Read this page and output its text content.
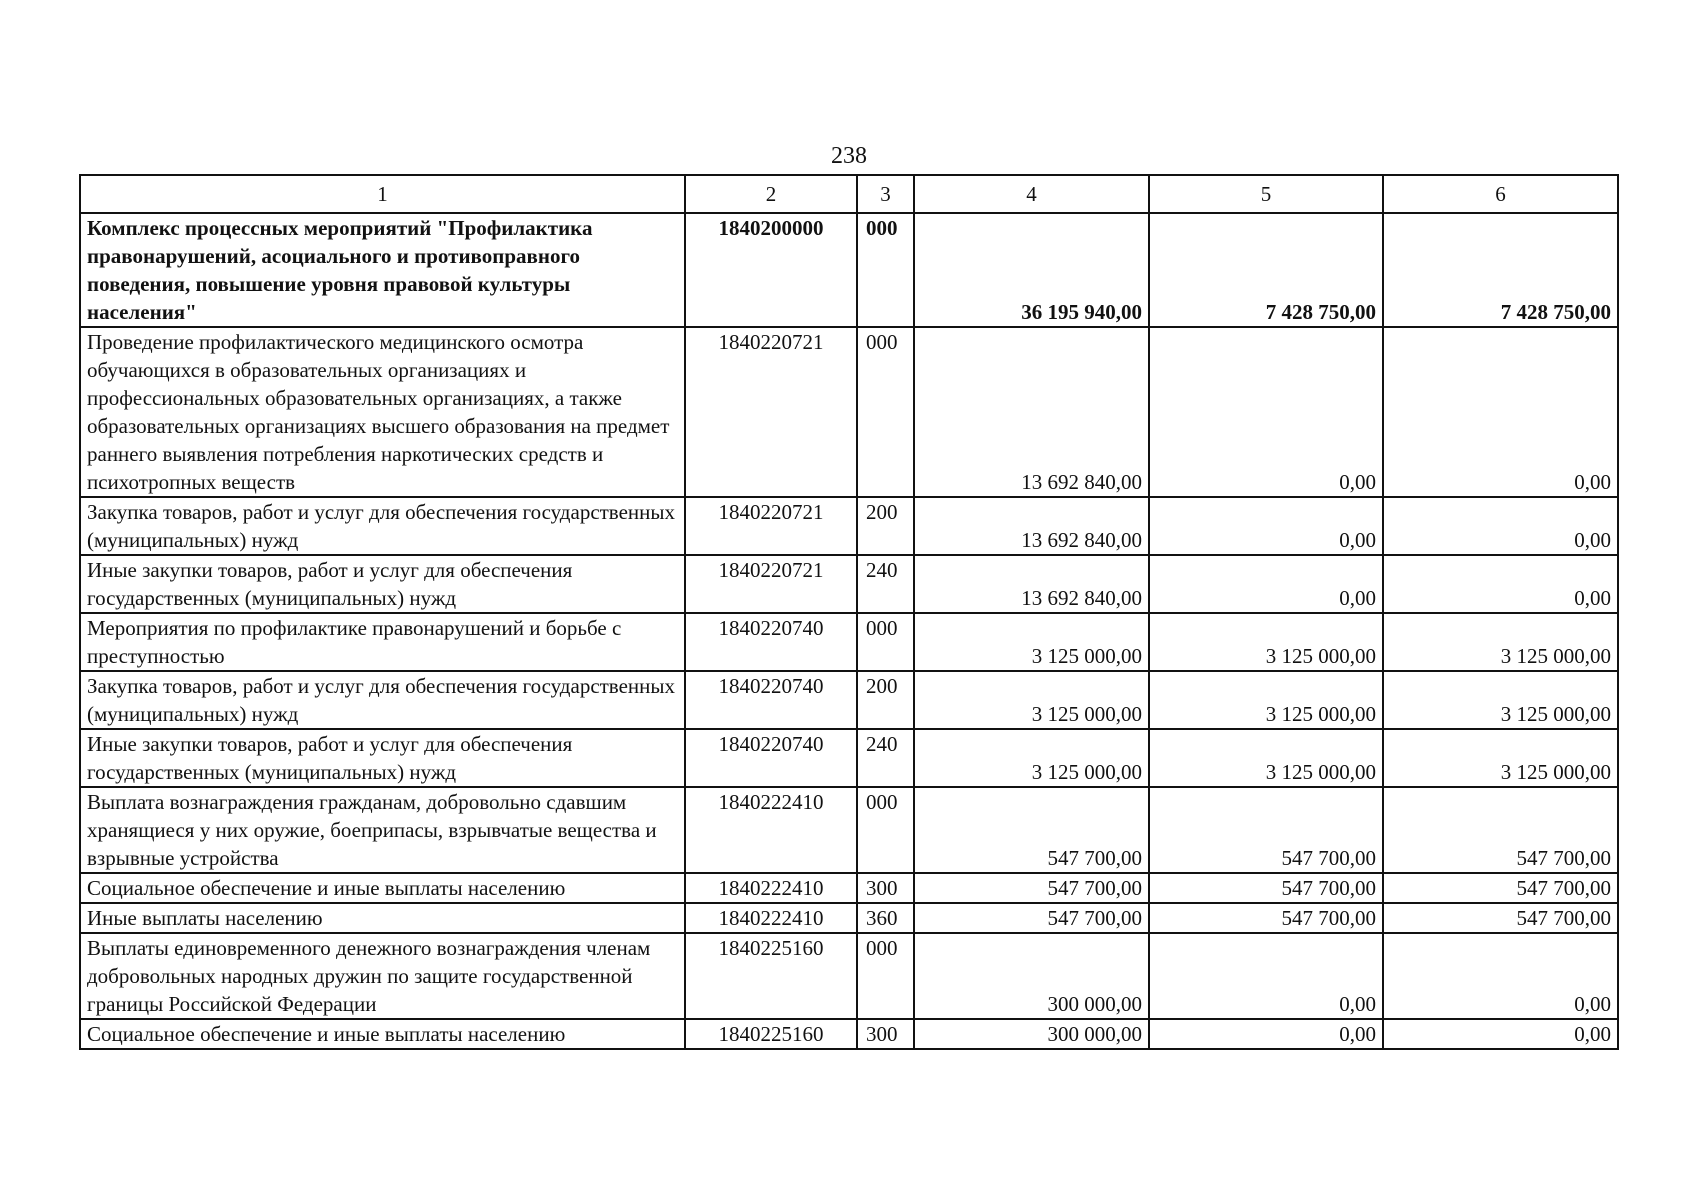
238
1	2	3	4	5	6
Комплекс процессных мероприятий "Профилактика правонарушений, асоциального и противоправного поведения, повышение уровня правовой культуры населения"	1840200000	000	36 195 940,00	7 428 750,00	7 428 750,00
Проведение профилактического медицинского осмотра обучающихся в образовательных организациях и профессиональных образовательных организациях, а также образовательных организациях высшего образования на предмет раннего выявления потребления наркотических средств и психотропных веществ	1840220721	000	13 692 840,00	0,00	0,00
Закупка товаров, работ и услуг для обеспечения государственных (муниципальных) нужд	1840220721	200	13 692 840,00	0,00	0,00
Иные закупки товаров, работ и услуг для обеспечения государственных (муниципальных) нужд	1840220721	240	13 692 840,00	0,00	0,00
Мероприятия по профилактике правонарушений и борьбе с преступностью	1840220740	000	3 125 000,00	3 125 000,00	3 125 000,00
Закупка товаров, работ и услуг для обеспечения государственных (муниципальных) нужд	1840220740	200	3 125 000,00	3 125 000,00	3 125 000,00
Иные закупки товаров, работ и услуг для обеспечения государственных (муниципальных) нужд	1840220740	240	3 125 000,00	3 125 000,00	3 125 000,00
Выплата вознаграждения гражданам, добровольно сдавшим хранящиеся у них оружие, боеприпасы, взрывчатые вещества и взрывные устройства	1840222410	000	547 700,00	547 700,00	547 700,00
Социальное обеспечение и иные выплаты населению	1840222410	300	547 700,00	547 700,00	547 700,00
Иные выплаты населению	1840222410	360	547 700,00	547 700,00	547 700,00
Выплаты единовременного денежного вознаграждения членам добровольных народных дружин по защите государственной границы Российской Федерации	1840225160	000	300 000,00	0,00	0,00
Социальное обеспечение и иные выплаты населению	1840225160	300	300 000,00	0,00	0,00
